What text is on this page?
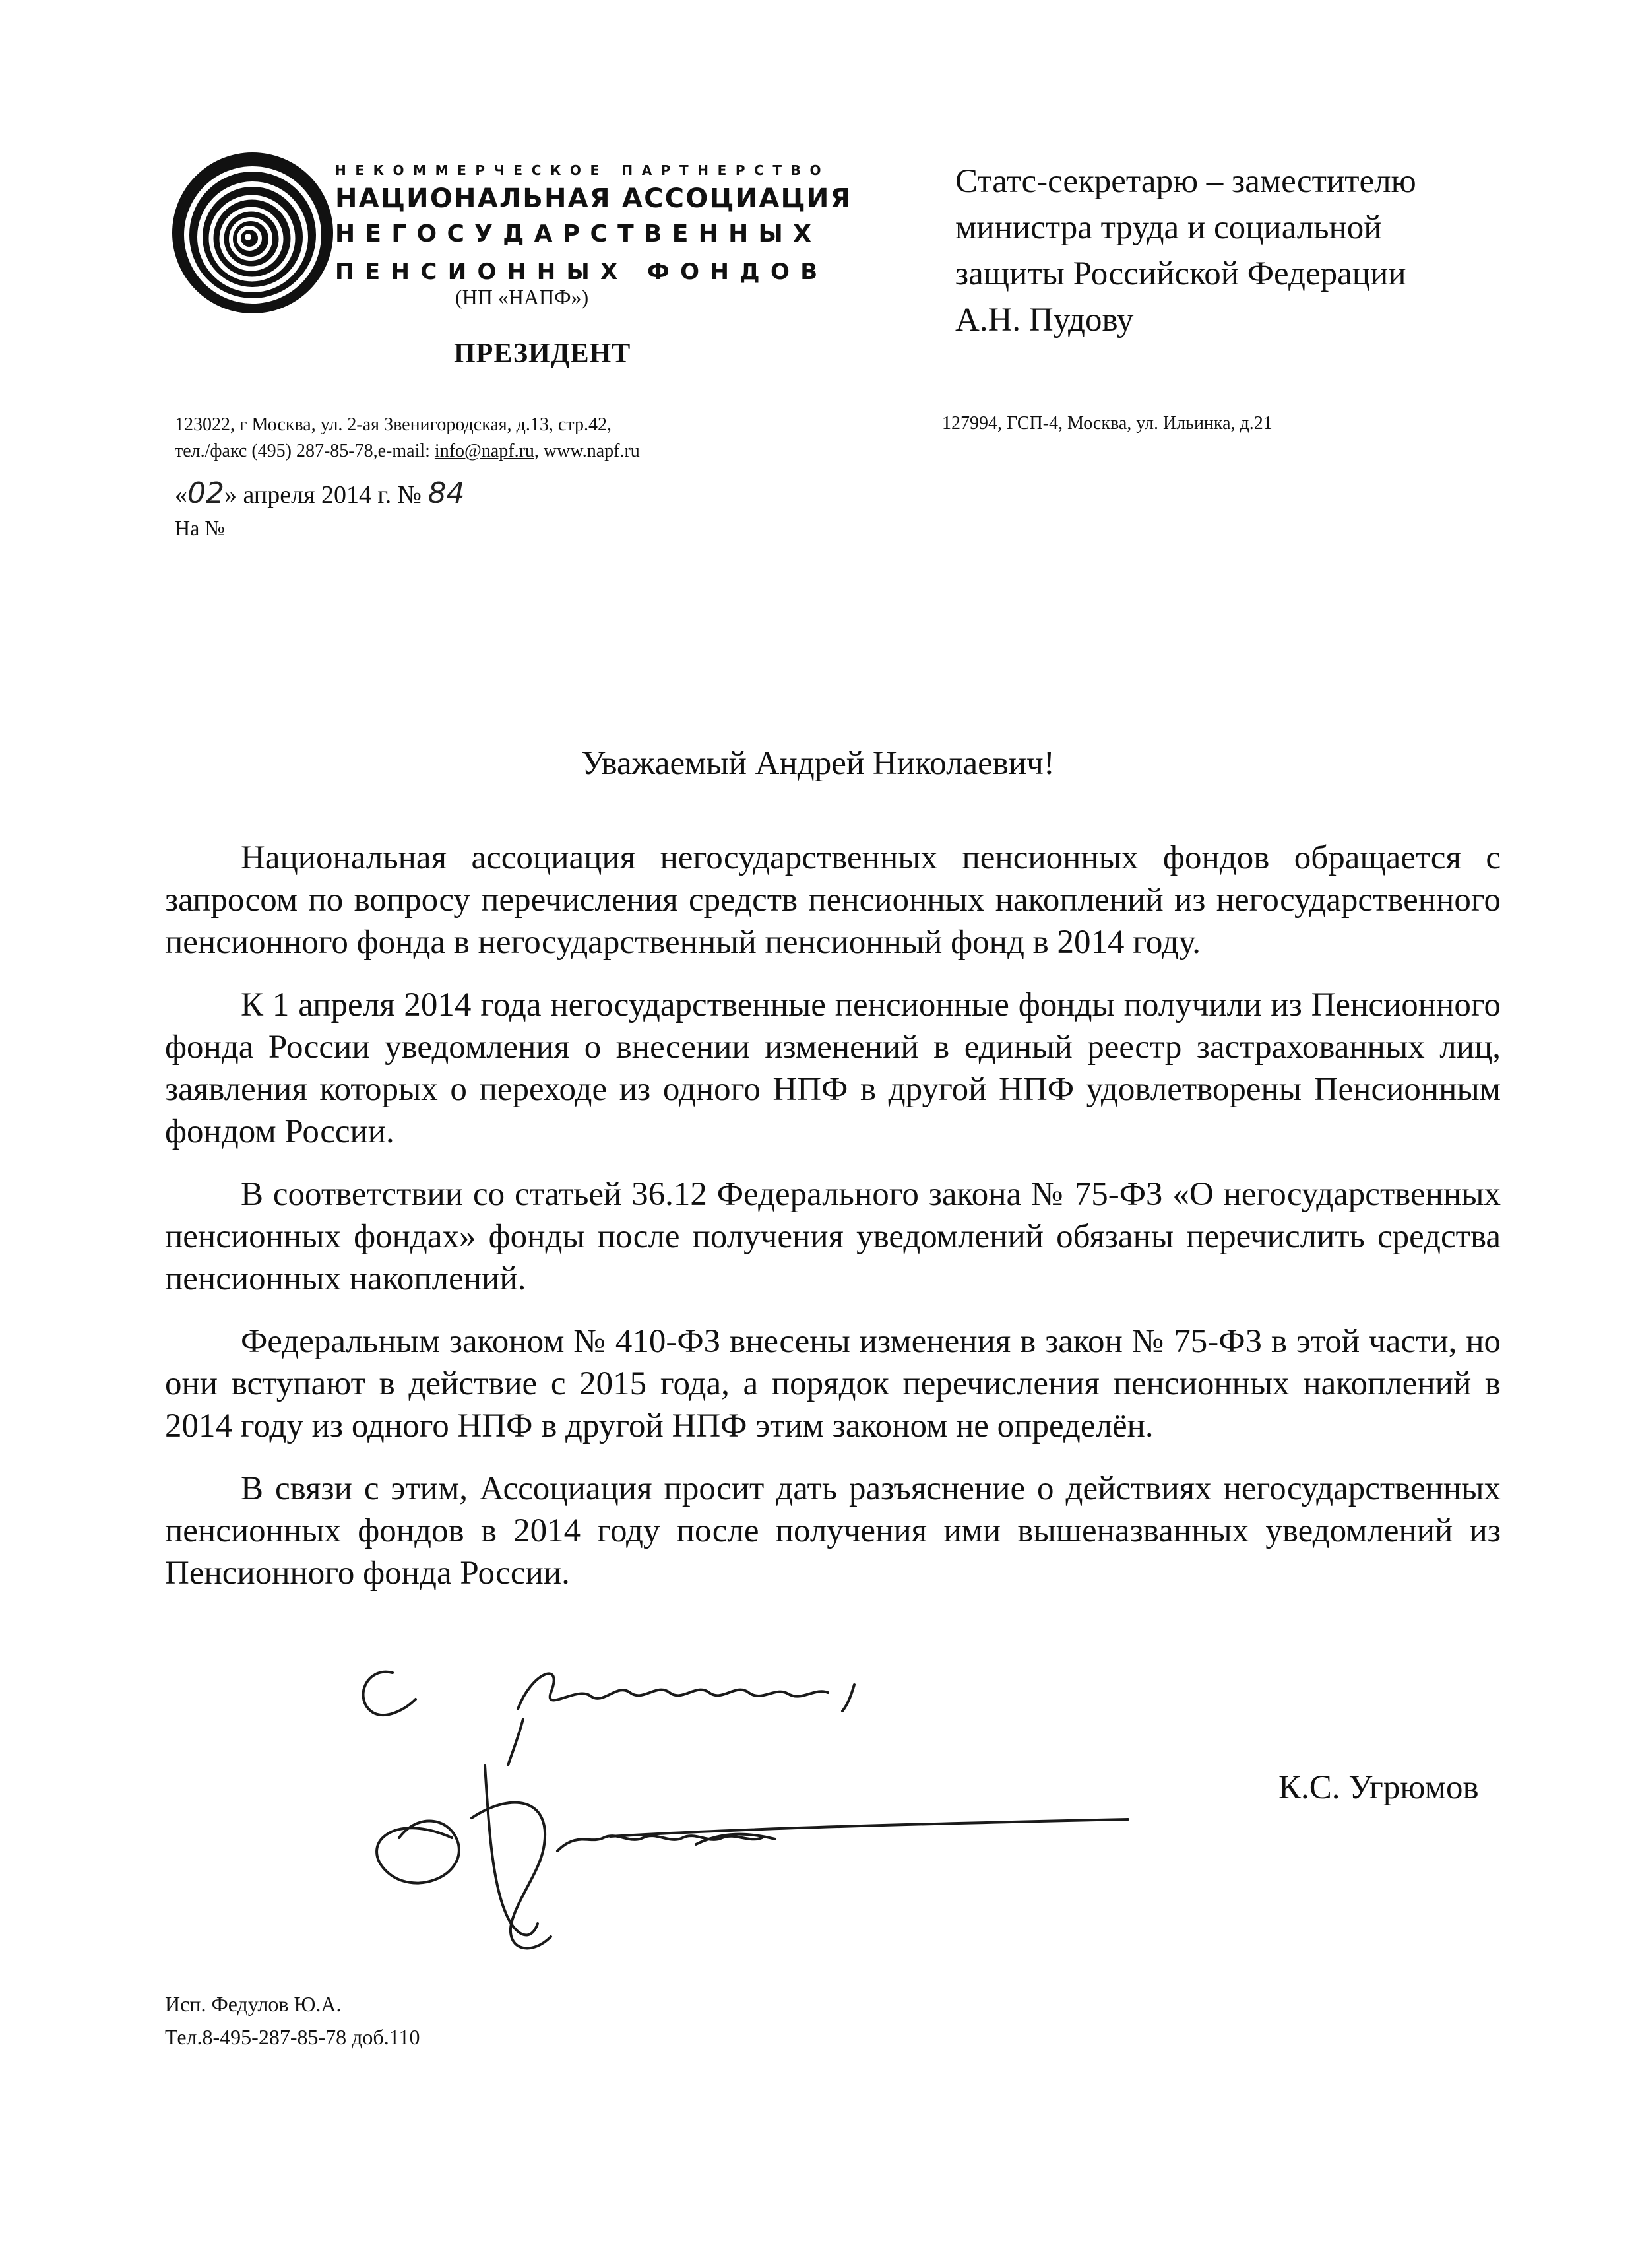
НЕКОММЕРЧЕСКОЕ ПАРТНЕРСТВО
НАЦИОНАЛЬНАЯ АССОЦИАЦИЯ
НЕГОСУДАРСТВЕННЫХ
ПЕНСИОННЫХ ФОНДОВ
(НП «НАПФ»)
ПРЕЗИДЕНТ
123022, г Москва, ул. 2-ая Звенигородская, д.13, стр.42,
тел./факс (495) 287-85-78,e-mail: info@napf.ru, www.napf.ru
Статс-секретарю – заместителю
министра труда и социальной
защиты Российской Федерации
А.Н. Пудову
127994, ГСП-4, Москва, ул. Ильинка, д.21
«02» апреля 2014 г. № 84
На №
Уважаемый Андрей Николаевич!

Национальная ассоциация негосударственных пенсионных фондов обращается с запросом по вопросу перечисления средств пенсионных накоплений из негосударственного пенсионного фонда в негосударственный пенсионный фонд в 2014 году.

К 1 апреля 2014 года негосударственные пенсионные фонды получили из Пенсионного фонда России уведомления о внесении изменений в единый реестр застрахованных лиц, заявления которых о переходе из одного НПФ в другой НПФ удовлетворены Пенсионным фондом России.

В соответствии со статьей 36.12 Федерального закона № 75-ФЗ «О негосударственных пенсионных фондах» фонды после получения уведомлений обязаны перечислить средства пенсионных накоплений.

Федеральным законом № 410-ФЗ внесены изменения в закон № 75-ФЗ в этой части, но они вступают в действие с 2015 года, а порядок перечисления пенсионных накоплений в 2014 году из одного НПФ в другой НПФ этим законом не определён.

В связи с этим, Ассоциация просит дать разъяснение о действиях негосударственных пенсионных фондов в 2014 году после получения ими вышеназванных уведомлений из Пенсионного фонда России.

К.С. Угрюмов
Исп. Федулов Ю.А.
Тел.8-495-287-85-78 доб.110
